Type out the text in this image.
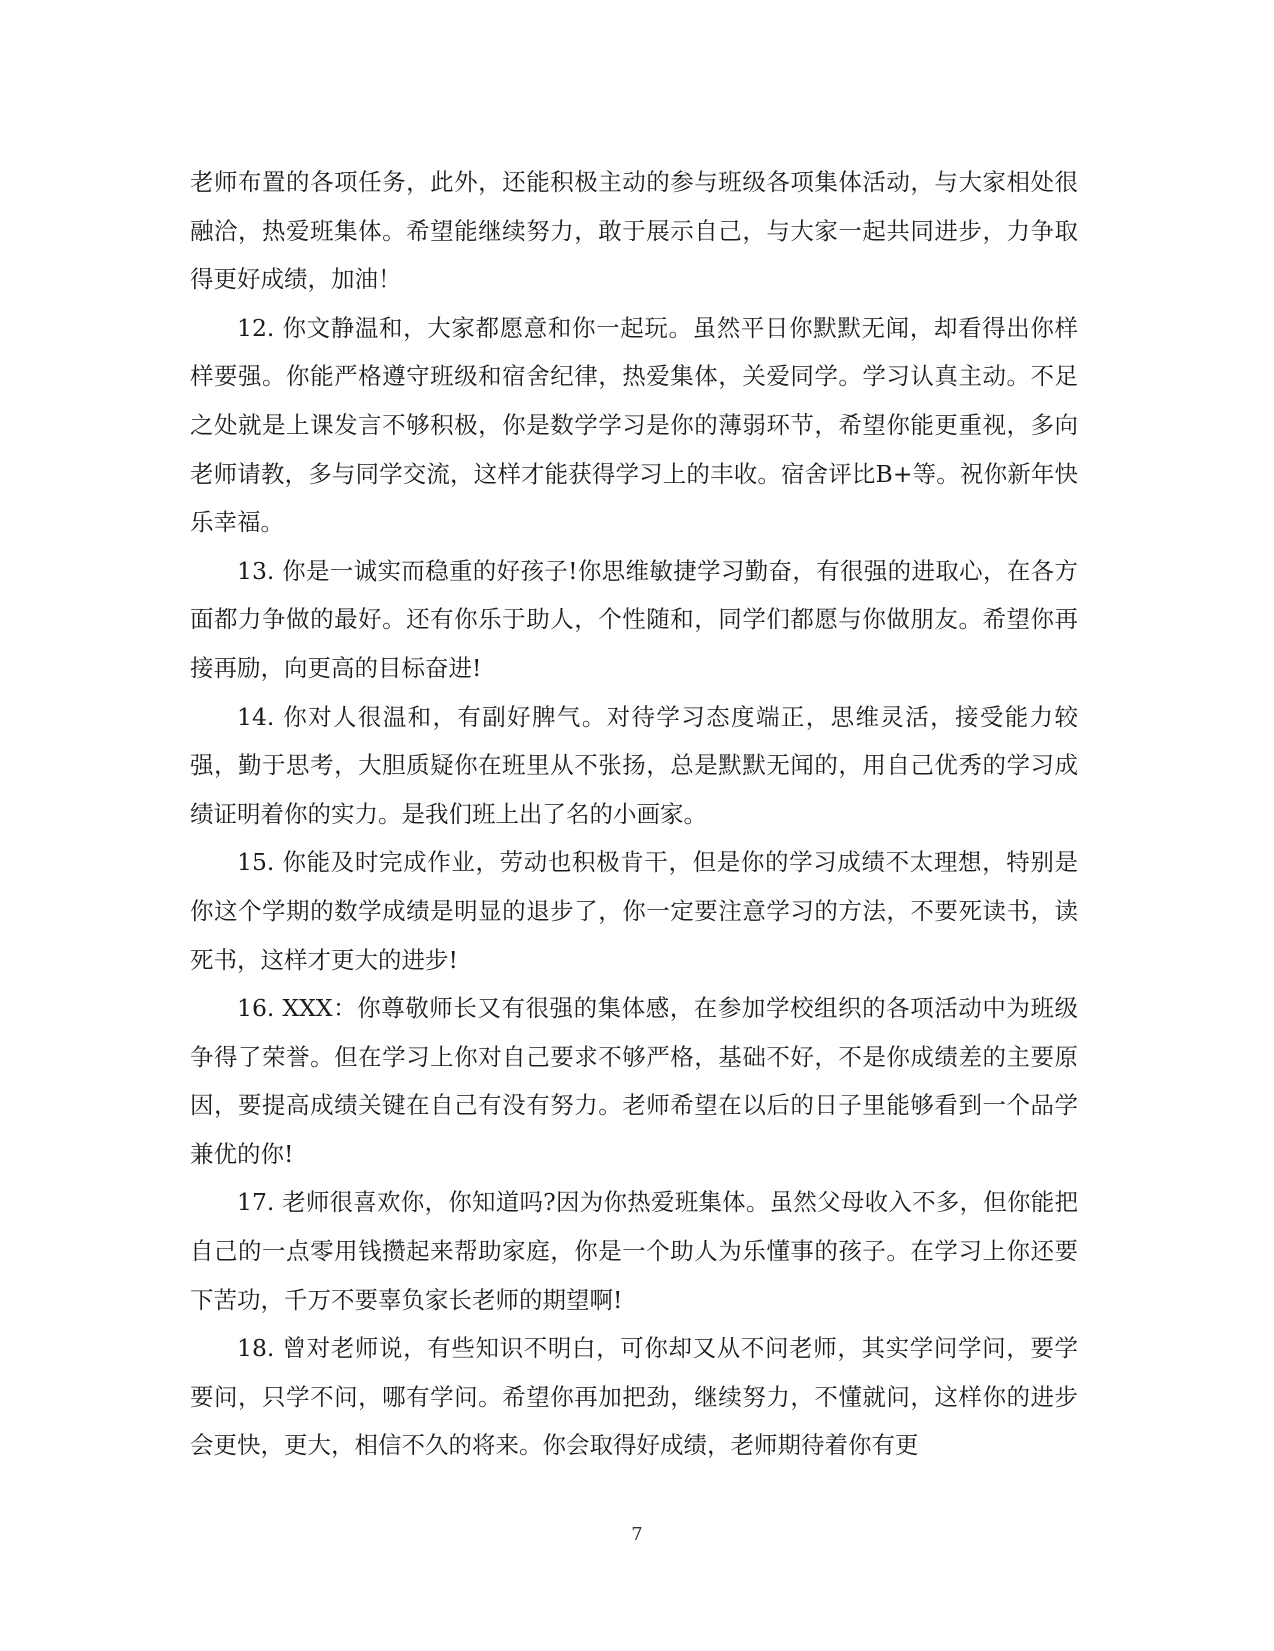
老师布置的各项任务，此外，还能积极主动的参与班级各项集体活动，与大家相处很融洽，热爱班集体。希望能继续努力，敢于展示自己，与大家一起共同进步，力争取得更好成绩，加油！

12. 你文静温和，大家都愿意和你一起玩。虽然平日你默默无闻，却看得出你样样要强。你能严格遵守班级和宿舍纪律，热爱集体，关爱同学。学习认真主动。不足之处就是上课发言不够积极，你是数学学习是你的薄弱环节，希望你能更重视，多向老师请教，多与同学交流，这样才能获得学习上的丰收。宿舍评比B+等。祝你新年快乐幸福。

13. 你是一诚实而稳重的好孩子!你思维敏捷学习勤奋，有很强的进取心，在各方面都力争做的最好。还有你乐于助人，个性随和，同学们都愿与你做朋友。希望你再接再励，向更高的目标奋进!

14. 你对人很温和，有副好脾气。对待学习态度端正，思维灵活，接受能力较强，勤于思考，大胆质疑你在班里从不张扬，总是默默无闻的，用自己优秀的学习成绩证明着你的实力。是我们班上出了名的小画家。

15. 你能及时完成作业，劳动也积极肯干，但是你的学习成绩不太理想，特别是你这个学期的数学成绩是明显的退步了，你一定要注意学习的方法，不要死读书，读死书，这样才更大的进步!

16. XXX：你尊敬师长又有很强的集体感，在参加学校组织的各项活动中为班级争得了荣誉。但在学习上你对自己要求不够严格，基础不好，不是你成绩差的主要原因，要提高成绩关键在自己有没有努力。老师希望在以后的日子里能够看到一个品学兼优的你!

17. 老师很喜欢你，你知道吗?因为你热爱班集体。虽然父母收入不多，但你能把自己的一点零用钱攒起来帮助家庭，你是一个助人为乐懂事的孩子。在学习上你还要下苦功，千万不要辜负家长老师的期望啊!

18. 曾对老师说，有些知识不明白，可你却又从不问老师，其实学问学问，要学要问，只学不问，哪有学问。希望你再加把劲，继续努力，不懂就问，这样你的进步会更快，更大，相信不久的将来。你会取得好成绩，老师期待着你有更

7
